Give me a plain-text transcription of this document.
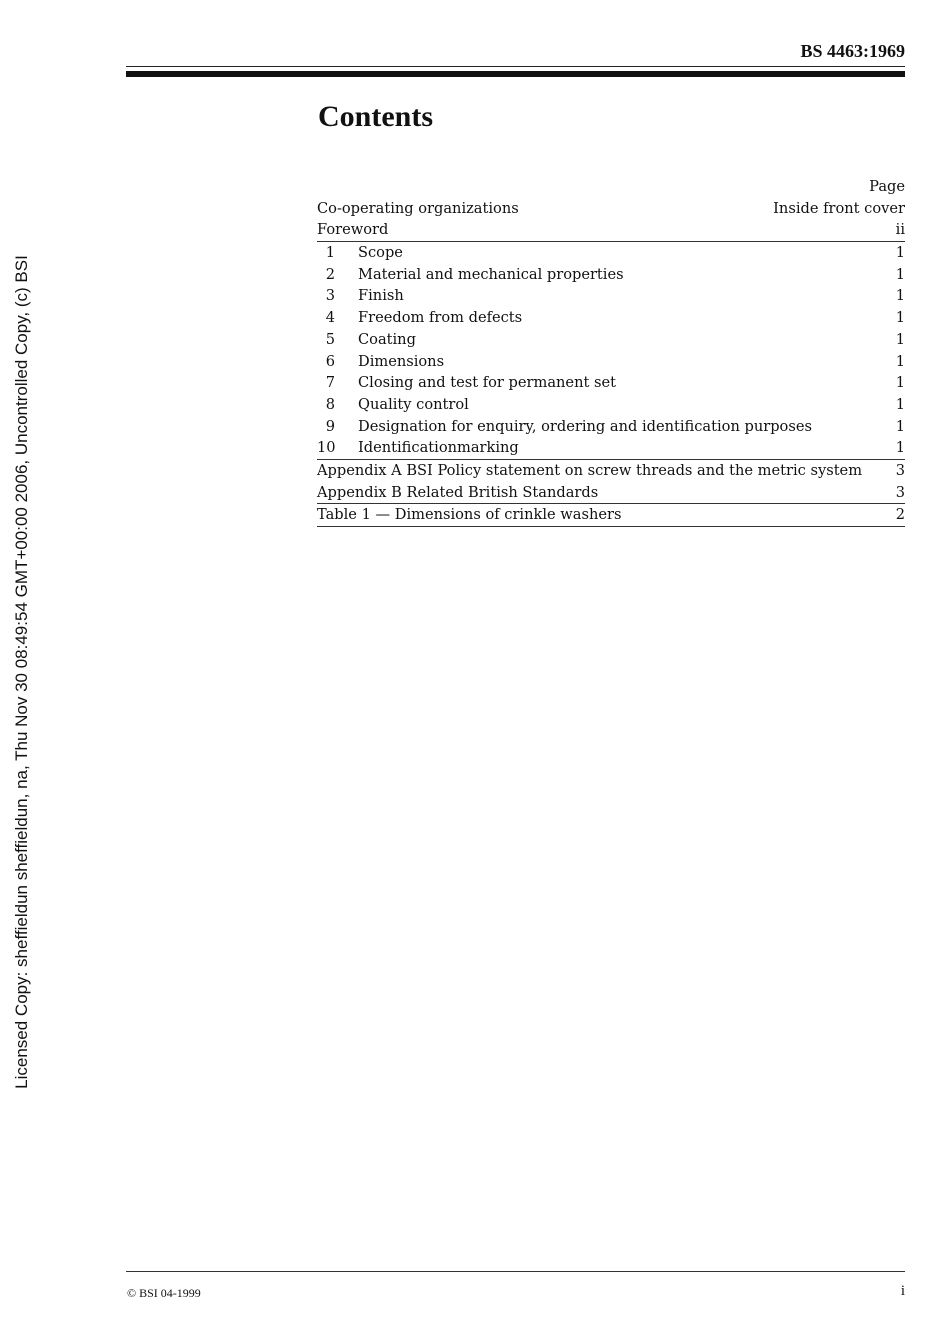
Licensed Copy: sheffieldun sheffieldun, na, Thu Nov 30 08:49:54 GMT+00:00 2006, Uncontrolled Copy, (c) BSI
BS 4463:1969
Contents
Page
Co-operating organizations	Inside front cover
Foreword	ii
1 Scope	1
2 Material and mechanical properties	1
3 Finish	1
4 Freedom from defects	1
5 Coating	1
6 Dimensions	1
7 Closing and test for permanent set	1
8 Quality control	1
9 Designation for enquiry, ordering and identification purposes	1
10 Identificationmarking	1
Appendix A BSI Policy statement on screw threads and the metric system 3
Appendix B Related British Standards	3
Table 1 — Dimensions of crinkle washers	2
© BSI 04-1999	i
